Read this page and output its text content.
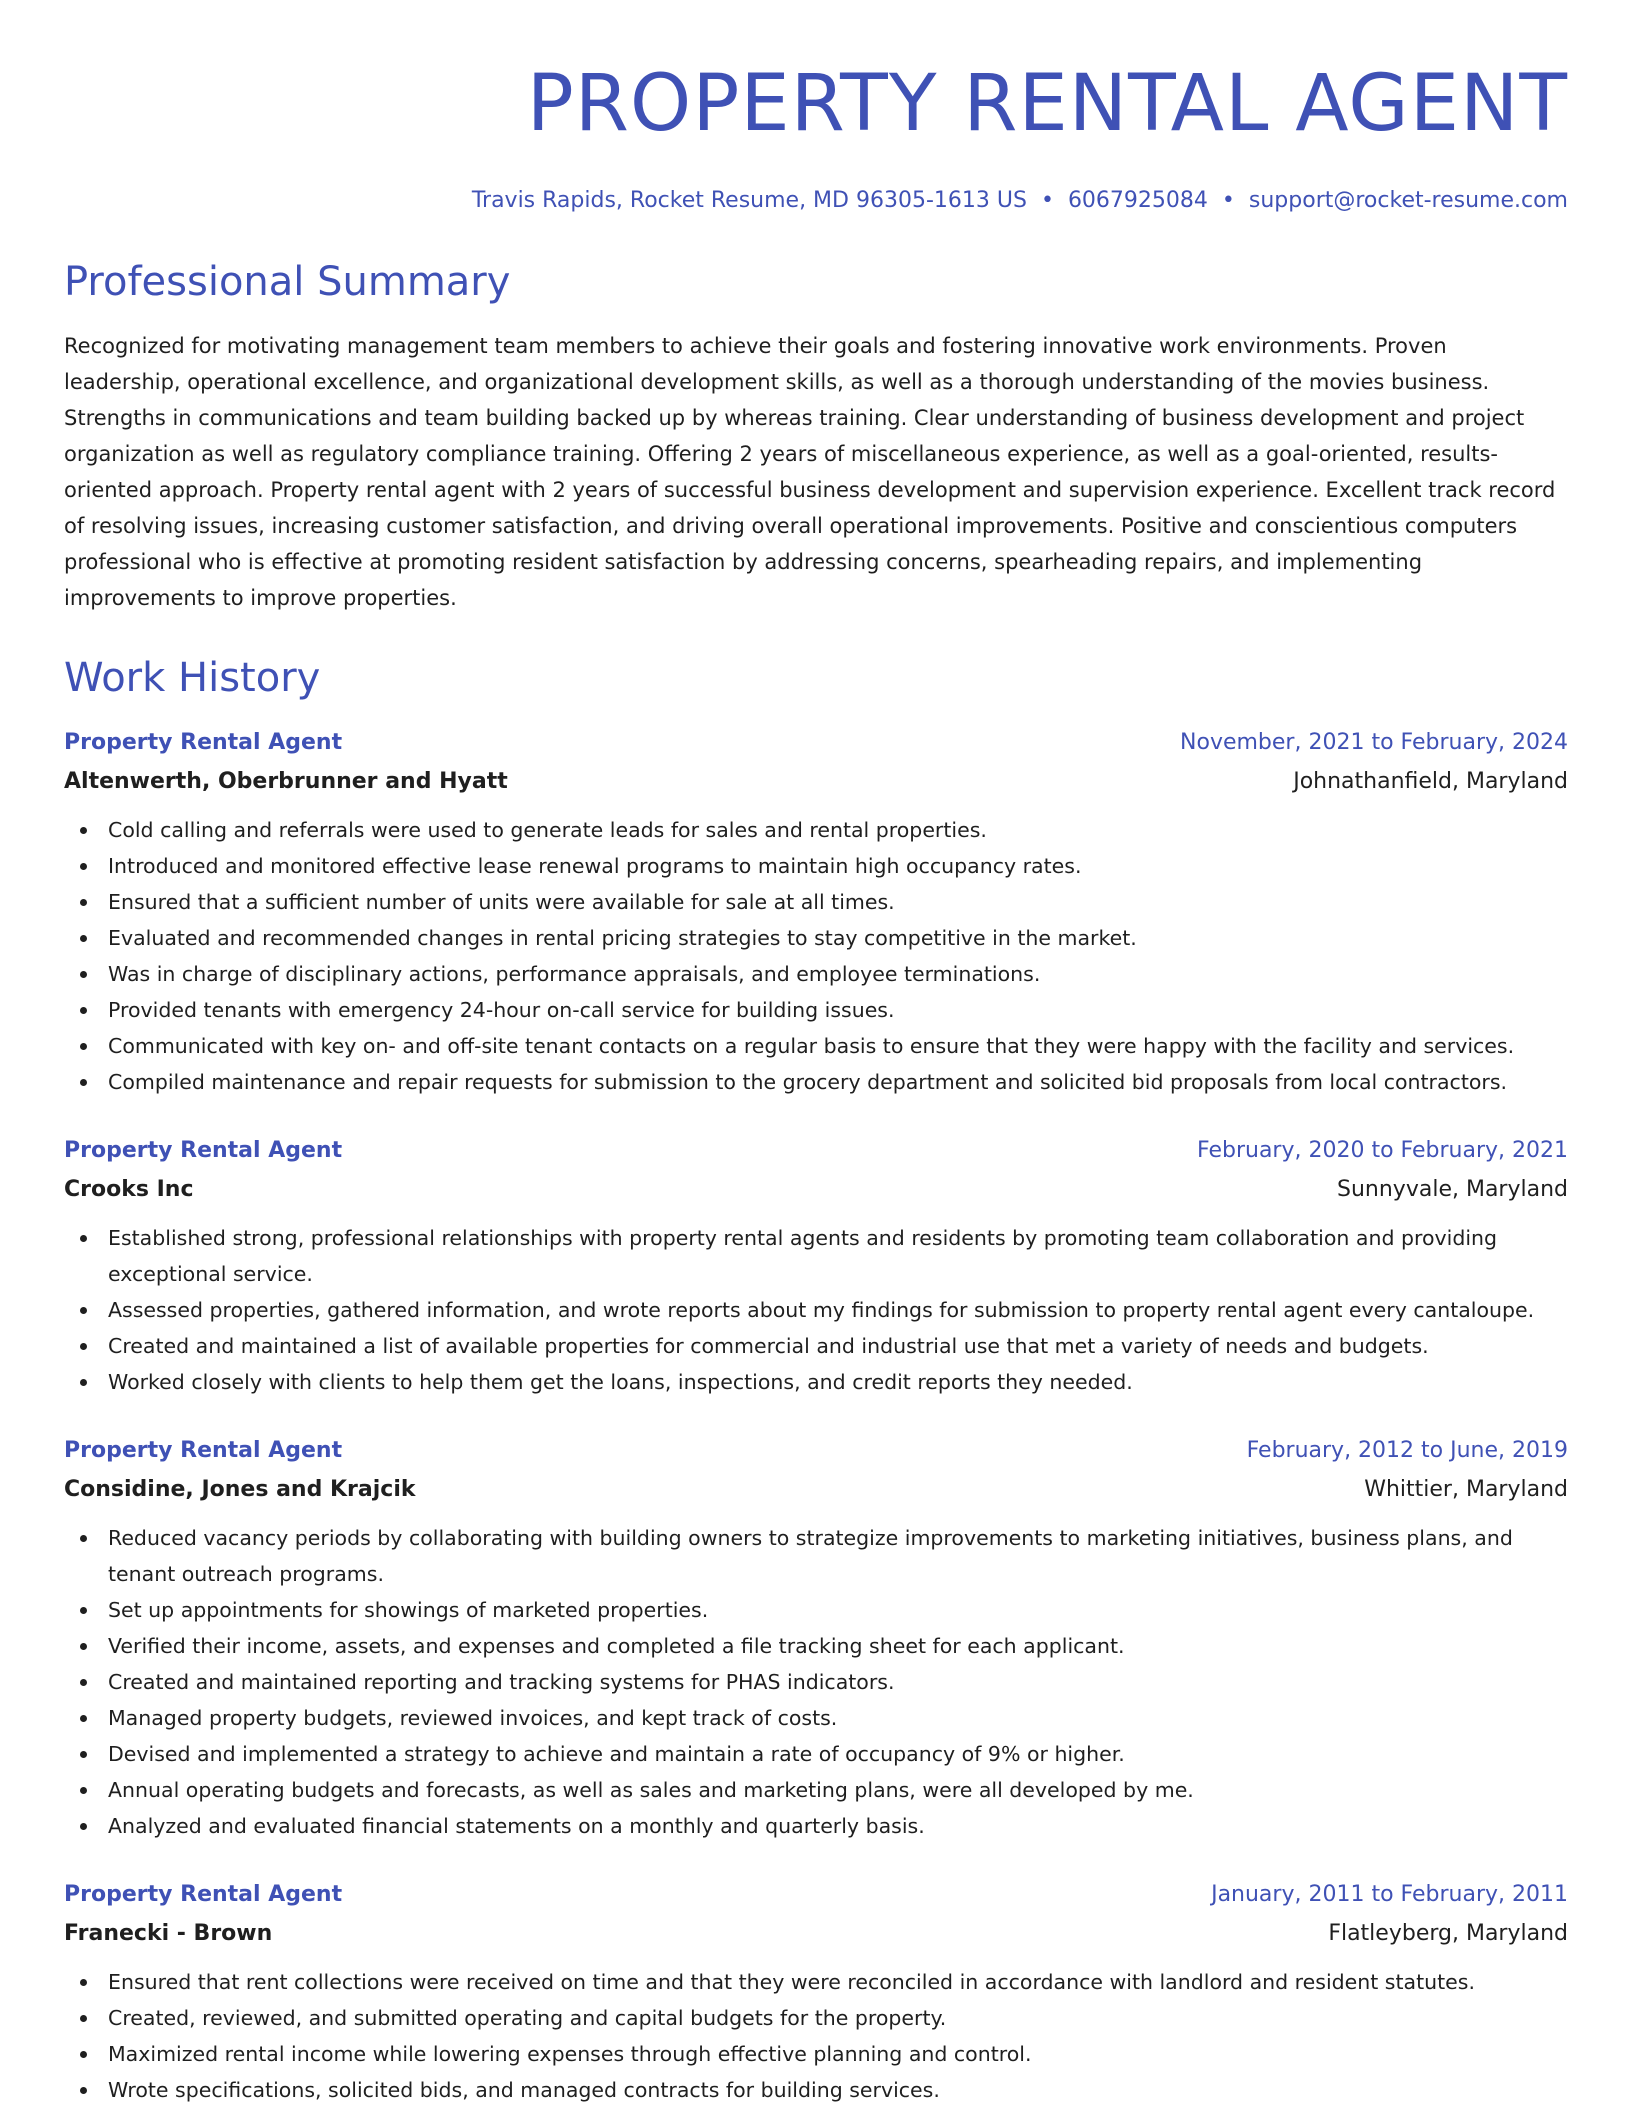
PROPERTY RENTAL AGENT
Travis Rapids, Rocket Resume, MD 96305-1613 US • 6067925084 • support@rocket-resume.com
Professional Summary
Recognized for motivating management team members to achieve their goals and fostering innovative work environments. Proven leadership, operational excellence, and organizational development skills, as well as a thorough understanding of the movies business. Strengths in communications and team building backed up by whereas training. Clear understanding of business development and project organization as well as regulatory compliance training. Offering 2 years of miscellaneous experience, as well as a goal-oriented, results-oriented approach. Property rental agent with 2 years of successful business development and supervision experience. Excellent track record of resolving issues, increasing customer satisfaction, and driving overall operational improvements. Positive and conscientious computers professional who is effective at promoting resident satisfaction by addressing concerns, spearheading repairs, and implementing improvements to improve properties.
Work History
Property Rental Agent	November, 2021 to February, 2024
Altenwerth, Oberbrunner and Hyatt	Johnathanfield, Maryland
Cold calling and referrals were used to generate leads for sales and rental properties.
Introduced and monitored effective lease renewal programs to maintain high occupancy rates.
Ensured that a sufficient number of units were available for sale at all times.
Evaluated and recommended changes in rental pricing strategies to stay competitive in the market.
Was in charge of disciplinary actions, performance appraisals, and employee terminations.
Provided tenants with emergency 24-hour on-call service for building issues.
Communicated with key on- and off-site tenant contacts on a regular basis to ensure that they were happy with the facility and services.
Compiled maintenance and repair requests for submission to the grocery department and solicited bid proposals from local contractors.
Property Rental Agent	February, 2020 to February, 2021
Crooks Inc	Sunnyvale, Maryland
Established strong, professional relationships with property rental agents and residents by promoting team collaboration and providing exceptional service.
Assessed properties, gathered information, and wrote reports about my findings for submission to property rental agent every cantaloupe.
Created and maintained a list of available properties for commercial and industrial use that met a variety of needs and budgets.
Worked closely with clients to help them get the loans, inspections, and credit reports they needed.
Property Rental Agent	February, 2012 to June, 2019
Considine, Jones and Krajcik	Whittier, Maryland
Reduced vacancy periods by collaborating with building owners to strategize improvements to marketing initiatives, business plans, and tenant outreach programs.
Set up appointments for showings of marketed properties.
Verified their income, assets, and expenses and completed a file tracking sheet for each applicant.
Created and maintained reporting and tracking systems for PHAS indicators.
Managed property budgets, reviewed invoices, and kept track of costs.
Devised and implemented a strategy to achieve and maintain a rate of occupancy of 9% or higher.
Annual operating budgets and forecasts, as well as sales and marketing plans, were all developed by me.
Analyzed and evaluated financial statements on a monthly and quarterly basis.
Property Rental Agent	January, 2011 to February, 2011
Franecki - Brown	Flatleyberg, Maryland
Ensured that rent collections were received on time and that they were reconciled in accordance with landlord and resident statutes.
Created, reviewed, and submitted operating and capital budgets for the property.
Maximized rental income while lowering expenses through effective planning and control.
Wrote specifications, solicited bids, and managed contracts for building services.
